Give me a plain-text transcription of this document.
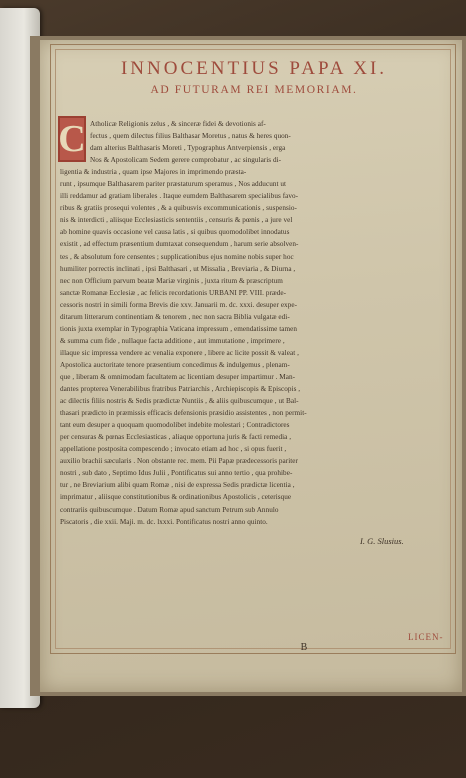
INNOCENTIUS PAPA XI.
AD FUTURAM REI MEMORIAM.
C Atholicæ Religionis zelus , & sinceræ fidei & devotionis af-
fectus , quem dilectus filius Balthasar Moretus , natus & heres quon-
dam alterius Balthasaris Moreti , Typographus Antverpiensis , erga
Nos & Apostolicam Sedem gerere comprobatur , ac singularis di-
ligentia & industria , quam ipse Majores in imprimendo præsta-
runt , ipsumque Balthasarem pariter præstaturum speramus , Nos adducunt ut
illi reddamur ad gratiam liberales . Itaque eumdem Balthasarem specialibus favo-
ribus & gratiis prosequi volentes , & a quibusvis excommunicationis , suspensio-
nis & interdicti , aliisque Ecclesiasticis sententiis , censuris & pœnis , a jure vel
ab homine quavis occasione vel causa latis , si quibus quomodolibet innodatus
existit , ad effectum præsentium dumtaxat consequendum , harum serie absolven-
tes , & absolutum fore censentes ; supplicationibus ejus nomine nobis super hoc
humiliter porrectis inclinati , ipsi Balthasari , ut Missalia , Breviaria , & Diurna ,
nec non Officium parvum beatæ Mariæ virginis , juxta ritum & præscriptum
sanctæ Romanæ Ecclesiæ , ac felicis recordationis URBANI PP. VIII. præde-
cessoris nostri in simili forma Brevis die xxv. Januarii m. dc. xxxi. desuper expe-
ditarum litterarum continentiam & tenorem , nec non sacra Biblia vulgatæ edi-
tionis juxta exemplar in Typographia Vaticana impressum , emendatissime tamen
& summa cum fide , nullaque facta additione , aut immutatione , imprimere ,
illaque sic impressa vendere ac venalia exponere , libere ac licite possit & valeat ,
Apostolica auctoritate tenore præsentium concedimus & indulgemus , plenam-
que , liberam & omnimodam facultatem ac licentiam desuper impartimur . Man-
dantes propterea Venerabilibus fratribus Patriarchis , Archiepiscopis & Episcopis ,
ac dilectis filiis nostris & Sedis prædictæ Nuntiis , & aliis quibuscumque , ut Bal-
thasari prædicto in præmissis efficacis defensionis præsidio assistentes , non permit-
tant eum desuper a quoquam quomodolibet indebite molestari ; Contradictores
per censuras & pœnas Ecclesiasticas , aliaque opportuna juris & facti remedia ,
appellatione postposita compescendo ; invocato etiam ad hoc , si opus fuerit ,
auxilio brachii sæcularis . Non obstante rec. mem. Pii Papæ prædecessoris pariter
nostri , sub dato , Septimo Idus Julii , Pontificatus sui anno tertio , qua prohibe-
tur , ne Breviarium alibi quam Romæ , nisi de expressa Sedis prædictæ licentia ,
imprimatur , aliisque constitutionibus & ordinationibus Apostolicis , ceterisque
contrariis quibuscumque . Datum Romæ apud sanctum Petrum sub Annulo
Piscatoris , die xxii. Maji. m. dc. lxxxi. Pontificatus nostri anno quinto.

I. G. Slusius.

B

LICEN-
